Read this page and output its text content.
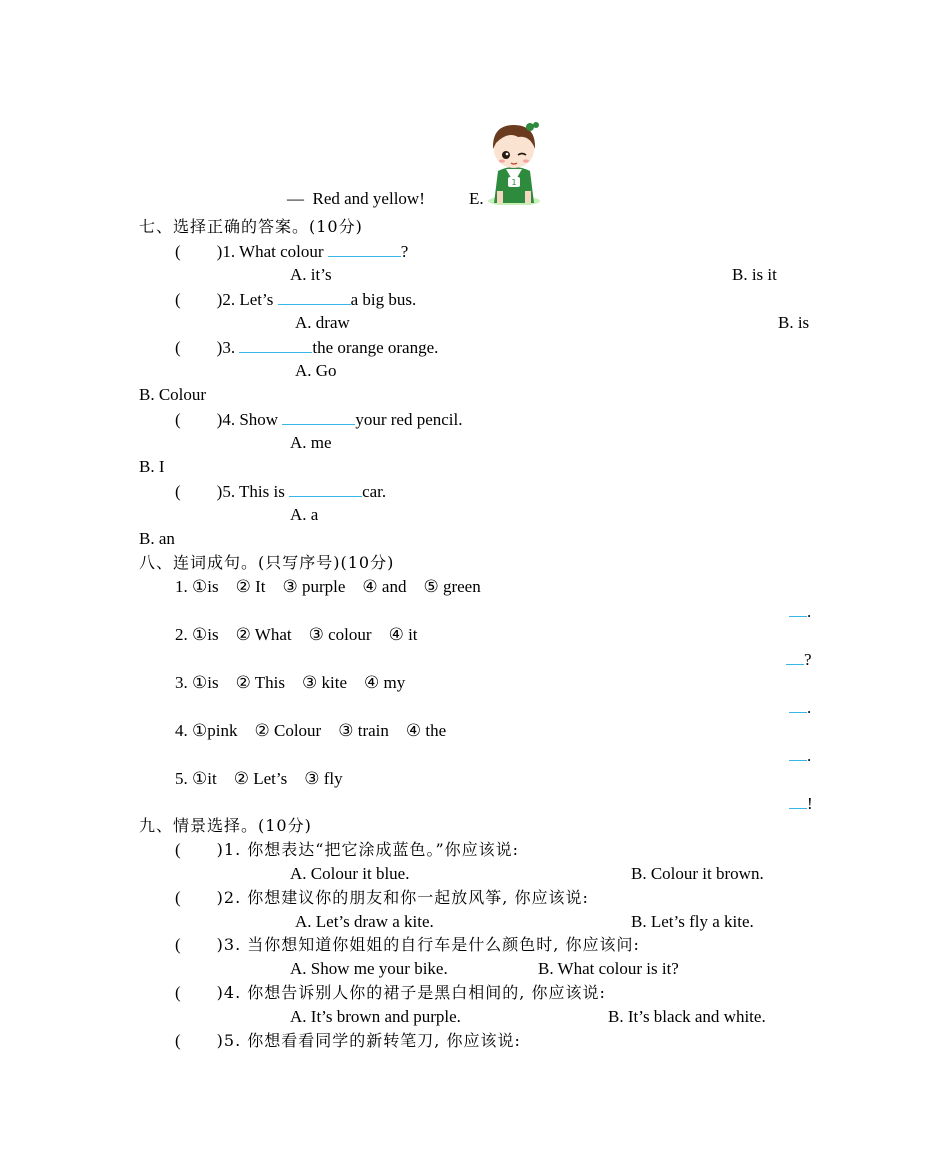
1
— Red and yellow!	E.
七、选择正确的答案。(10分)
( )1. What colour	?
A. it’s	B. is it
( )2. Let’s	a big bus.
A. draw	B. is
( )3.	the orange orange.
A. Go
B. Colour
( )4. Show	your red pencil.
A. me
B. I
( )5. This is	car.
A. a
B. an
八、连词成句。(只写序号)(10分)
1. ①is ② It ③ purple ④ and ⑤ green
.
2. ①is ② What ③ colour ④ it
?
3. ①is ② This ③ kite ④ my
.
4. ①pink ② Colour ③ train ④ the
.
5. ①it ② Let’s ③ fly
!
九、情景选择。(10分)
( )1. 你想表达“把它涂成蓝色。”你应该说:
A. Colour it blue.	B. Colour it brown.
( )2. 你想建议你的朋友和你一起放风筝, 你应该说:
A. Let’s draw a kite.	B. Let’s fly a kite.
( )3. 当你想知道你姐姐的自行车是什么颜色时, 你应该问:
A. Show me your bike.	B. What colour is it?
( )4. 你想告诉别人你的裙子是黑白相间的, 你应该说:
A. It’s brown and purple.	B. It’s black and white.
( )5. 你想看看同学的新转笔刀, 你应该说:
